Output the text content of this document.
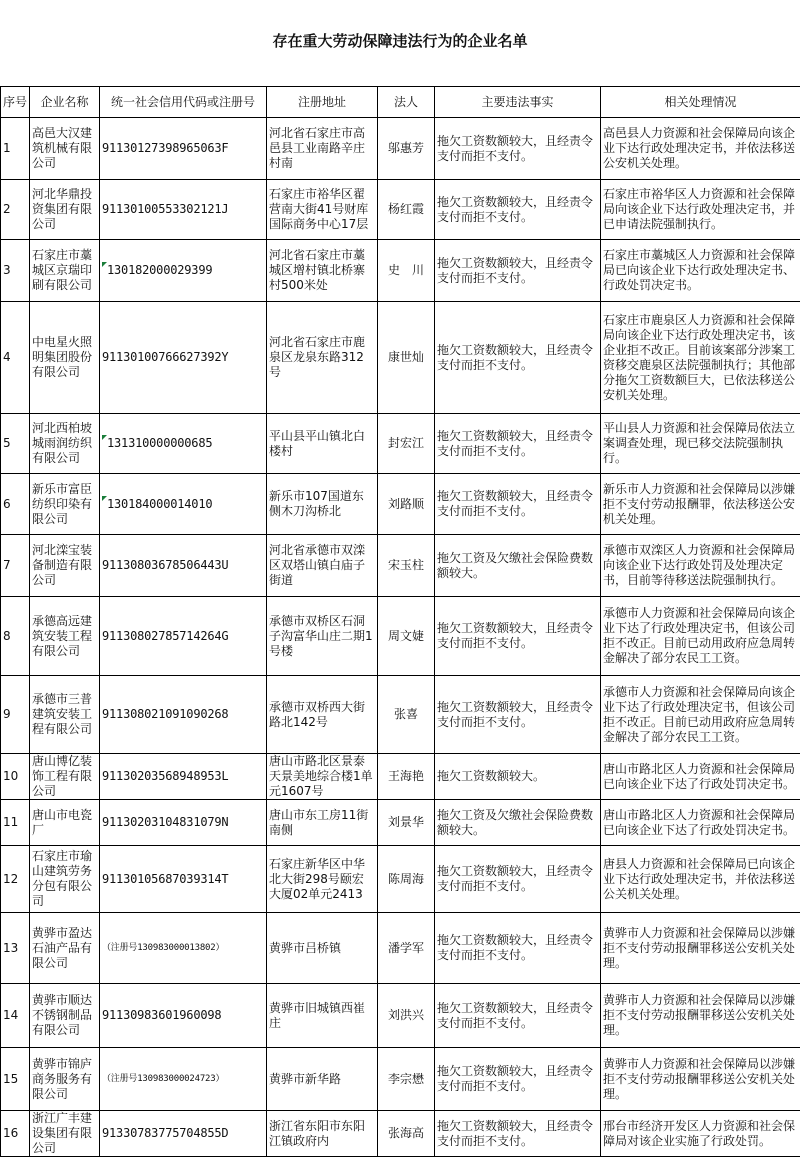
存在重大劳动保障违法行为的企业名单
序号	企业名称	统一社会信用代码或注册号	注册地址	法人	主要违法事实	相关处理情况
1	高邑大汉建筑机械有限公司	91130127398965063F	河北省石家庄市高邑县工业南路辛庄村南	邬惠芳	拖欠工资数额较大，且经责令支付而拒不支付。	高邑县人力资源和社会保障局向该企业下达行政处理决定书，并依法移送公安机关处理。
2	河北华鼎投资集团有限公司	911301005533021​21J	石家庄市裕华区翟营南大街41号财库国际商务中心17层	杨红霞	拖欠工资数额较大，且经责令支付而拒不支付。	石家庄市裕华区人力资源和社会保障局向该企业下达行政处理决定书，并已申请法院强制执行。
3	石家庄市藁城区京瑞印刷有限公司	130182000029399	河北省石家庄市藁城区增村镇北桥寨村500米处	史　川	拖欠工资数额较大，且经责令支付而拒不支付。	石家庄市藁城区人力资源和社会保障局已向该企业下达行政处理决定书、行政处罚决定书。
4	中电星火照明集团股份有限公司	91130100766627392Y	河北省石家庄市鹿泉区龙泉东路312号	康世灿	拖欠工资数额较大，且经责令支付而拒不支付。	石家庄市鹿泉区人力资源和社会保障局向该企业下达行政处理决定书，该企业拒不改正。目前该案部分涉案工资移交鹿泉区法院强制执行；其他部分拖欠工资数额巨大，已依法移送公安机关处理。
5	河北西柏坡城雨润纺织有限公司	131310000000685	平山县平山镇北白楼村	封宏江	拖欠工资数额较大，且经责令支付而拒不支付。	平山县人力资源和社会保障局依法立案调查处理，现已移交法院强制执行。
6	新乐市富臣纺织印染有限公司	130184000014010	新乐市107国道东侧木刀沟桥北	刘路顺	拖欠工资数额较大，且经责令支付而拒不支付。	新乐市人力资源和社会保障局以涉嫌拒不支付劳动报酬罪，依法移送公安机关处理。
7	河北滦宝装备制造有限公司	91130803678506443U	河北省承德市双滦区双塔山镇白庙子街道	宋玉柱	拖欠工资及欠缴社会保险费数额较大。	承德市双滦区人力资源和社会保障局向该企业下达行政处罚及处理决定书，目前等待移送法院强制执行。
8	承德高远建筑安装工程有限公司	91130802785714264G	承德市双桥区石洞子沟富华山庄二期1号楼	周文婕	拖欠工资数额较大，且经责令支付而拒不支付。	承德市人力资源和社会保障局向该企业下达了行政处理决定书，但该公司拒不改正。目前已动用政府应急周转金解决了部分农民工工资。
9	承德市三普建筑安装工程有限公司	91130802109109​0268	承德市双桥西大街路北142号	张喜	拖欠工资数额较大，且经责令支付而拒不支付。	承德市人力资源和社会保障局向该企业下达了行政处理决定书，但该公司拒不改正。目前已动用政府应急周转金解决了部分农民工工资。
10	唐山博亿装饰工程有限公司	91130203568948953L	唐山市路北区景泰天景美地综合楼1单元1607号	王海艳	拖欠工资数额较大。	唐山市路北区人力资源和社会保障局已向该企业下达了行政处罚决定书。
11	唐山市电瓷厂	91130203104831079N	唐山市东工房11街南侧	刘景华	拖欠工资及欠缴社会保险费数额较大。	唐山市路北区人力资源和社会保障局已向该企业下达了行政处罚决定书。
12	石家庄市瑜山建筑劳务分包有限公司	91130105687039314T	石家庄新华区中华北大街298号颐宏大厦02单元2413	陈周海	拖欠工资数额较大，且经责令支付而拒不支付。	唐县人力资源和社会保障局已向该企业下达行政处理决定书，并依法移送公关机关处理。
13	黄骅市盈达石油产品有限公司	（注册号130983000013802）	黄骅市吕桥镇	潘学军	拖欠工资数额较大，且经责令支付而拒不支付。	黄骅市人力资源和社会保障局以涉嫌拒不支付劳动报酬罪移送公安机关处理。
14	黄骅市顺达不锈钢制品有限公司	91130983601960098	黄骅市旧城镇西崔庄	刘洪兴	拖欠工资数额较大，且经责令支付而拒不支付。	黄骅市人力资源和社会保障局以涉嫌拒不支付劳动报酬罪移送公安机关处理。
15	黄骅市锦庐商务服务有限公司	（注册号130983000024723）	黄骅市新华路	李宗懋	拖欠工资数额较大，且经责令支付而拒不支付。	黄骅市人力资源和社会保障局以涉嫌拒不支付劳动报酬罪移送公安机关处理。
16	浙江广丰建设集团有限公司	91330783775704855D	浙江省东阳市东阳江镇政府内	张海高	拖欠工资数额较大，且经责令支付而拒不支付。	邢台市经济开发区人力资源和社会保障局对该企业实施了行政处罚。
